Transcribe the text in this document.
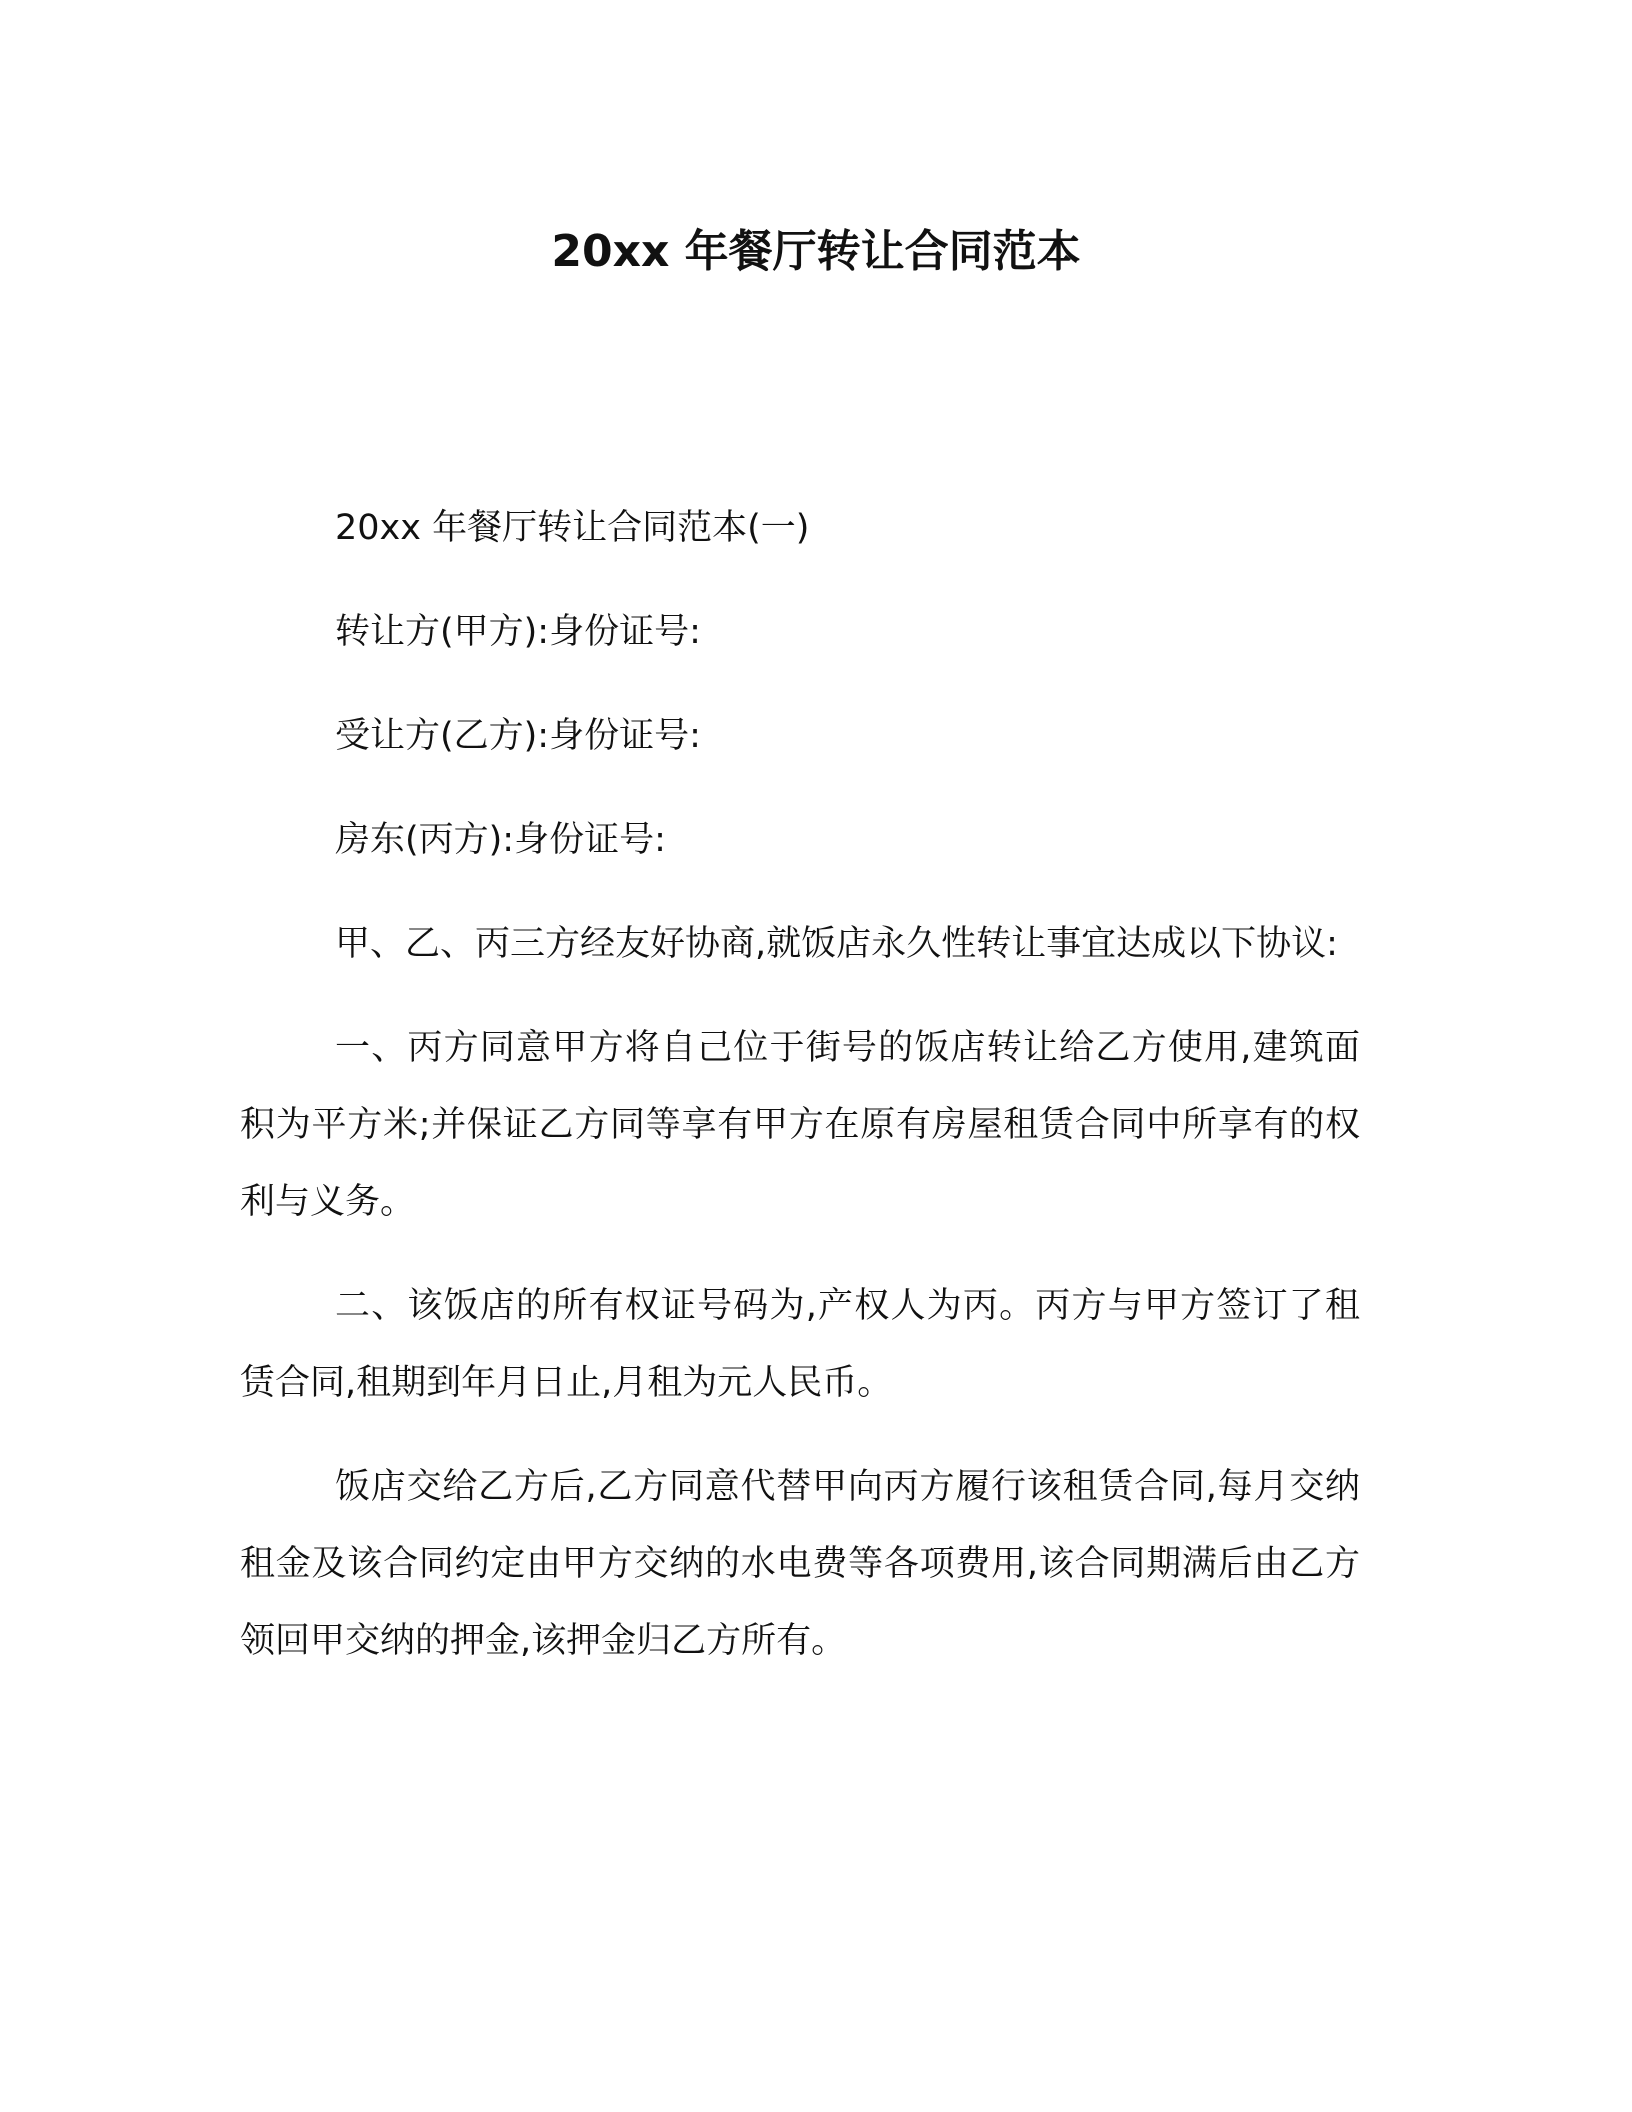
20xx 年餐厅转让合同范本

20xx 年餐厅转让合同范本(一)

转让方(甲方):身份证号:

受让方(乙方):身份证号:

房东(丙方):身份证号:

甲、乙、丙三方经友好协商,就饭店永久性转让事宜达成以下协议:

一、丙方同意甲方将自己位于街号的饭店转让给乙方使用,建筑面积为平方米;并保证乙方同等享有甲方在原有房屋租赁合同中所享有的权利与义务。

二、该饭店的所有权证号码为,产权人为丙。丙方与甲方签订了租赁合同,租期到年月日止,月租为元人民币。

饭店交给乙方后,乙方同意代替甲向丙方履行该租赁合同,每月交纳租金及该合同约定由甲方交纳的水电费等各项费用,该合同期满后由乙方领回甲交纳的押金,该押金归乙方所有。
